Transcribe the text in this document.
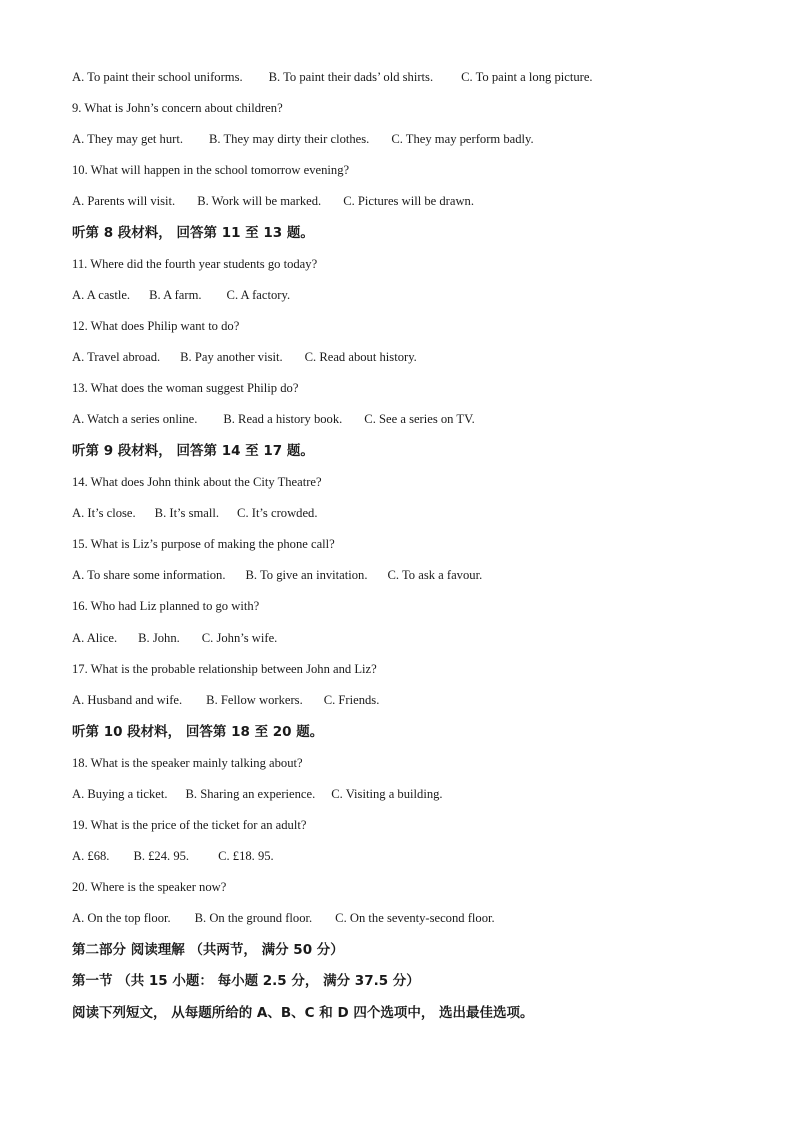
A. To paint their school uniforms. B. To paint their dads’ old shirts. C. To paint a long picture.
9. What is John’s concern about children?
A. They may get hurt. B. They may dirty their clothes. C. They may perform badly.
10. What will happen in the school tomorrow evening?
A. Parents will visit. B. Work will be marked. C. Pictures will be drawn.
听第 8 段材料， 回答第 11 至 13 题。
11. Where did the fourth year students go today?
A. A castle. B. A farm. C. A factory.
12. What does Philip want to do?
A. Travel abroad. B. Pay another visit. C. Read about history.
13. What does the woman suggest Philip do?
A. Watch a series online. B. Read a history book. C. See a series on TV.
听第 9 段材料， 回答第 14 至 17 题。
14. What does John think about the City Theatre?
A. It’s close. B. It’s small. C. It’s crowded.
15. What is Liz’s purpose of making the phone call?
A. To share some information. B. To give an invitation. C. To ask a favour.
16. Who had Liz planned to go with?
A. Alice. B. John. C. John’s wife.
17. What is the probable relationship between John and Liz?
A. Husband and wife. B. Fellow workers. C. Friends.
听第 10 段材料， 回答第 18 至 20 题。
18. What is the speaker mainly talking about?
A. Buying a ticket. B. Sharing an experience. C. Visiting a building.
19. What is the price of the ticket for an adult?
A. £68. B. £24. 95. C. £18. 95.
20. Where is the speaker now?
A. On the top floor. B. On the ground floor. C. On the seventy-second floor.
第二部分 阅读理解 （共两节， 满分 50 分）
第一节 （共 15 小题： 每小题 2.5 分， 满分 37.5 分）
阅读下列短文， 从每题所给的 A、B、C 和 D 四个选项中， 选出最佳选项。
